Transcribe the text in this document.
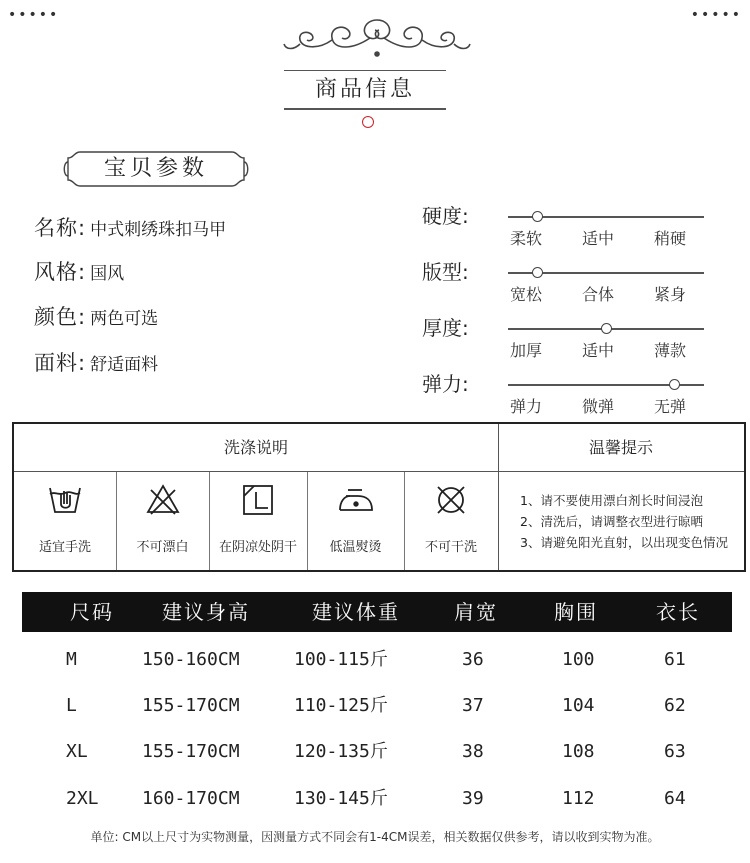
•••••	•••••
商品信息
宝贝参数
名称: 中式刺绣珠扣马甲
风格: 国风
颜色: 两色可选
面料: 舒适面料
硬度:
柔软 适中 稍硬
版型:
宽松 合体 紧身
厚度:
加厚 适中 薄款
弹力:
弹力 微弹 无弹
洗涤说明	温馨提示
适宜手洗	不可漂白	在阴凉处阴干	低温熨烫	不可干洗
1、请不要使用漂白剂长时间浸泡
2、清洗后，请调整衣型进行晾晒
3、请避免阳光直射，以出现变色情况
尺码 建议身高	建议体重	肩宽	胸围	衣长
M	150-160CM	100-115斤	36	100	61
L	155-170CM	110-125斤	37	104	62
XL	155-170CM	120-135斤	38	108	63
2XL 160-170CM	130-145斤	39	112	64
单位: CM以上尺寸为实物测量，因测量方式不同会有1-4CM误差，相关数据仅供参考，请以收到实物为准。
